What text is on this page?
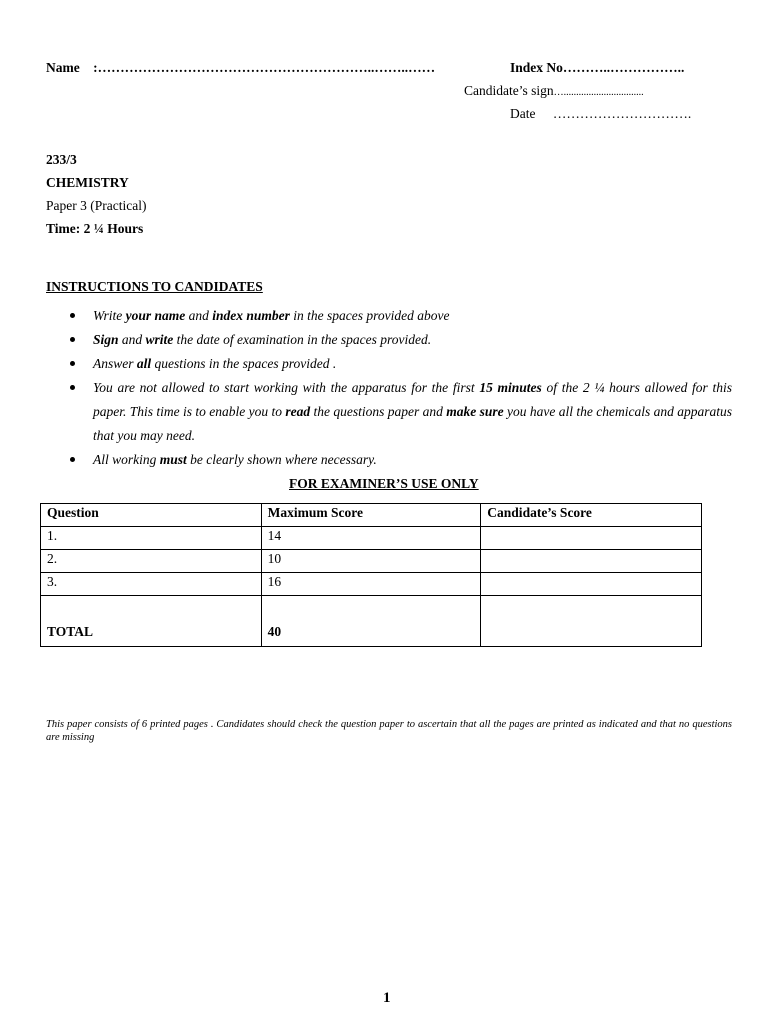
Name :……………………………………………………..……..……	Index No………..……………..
Candidate’s sign…................................
Date ………………………….
233/3
CHEMISTRY
Paper 3 (Practical)
Time: 2 ¼ Hours
INSTRUCTIONS TO CANDIDATES
Write your name and index number in the spaces provided above
Sign and write the date of examination in the spaces provided.
Answer all questions in the spaces provided .
You are not allowed to start working with the apparatus for the first 15 minutes of the 2 ¼ hours allowed for this paper. This time is to enable you to read the questions paper and make sure you have all the chemicals and apparatus that you may need.
All working must be clearly shown where necessary.
FOR EXAMINER’S USE ONLY
Question	Maximum Score	Candidate’s Score
1.	14	
2.	10	
3.	16	
TOTAL	40	
This paper consists of 6 printed pages . Candidates should check the question paper to ascertain that all the pages are printed as indicated and that no questions are missing
1
